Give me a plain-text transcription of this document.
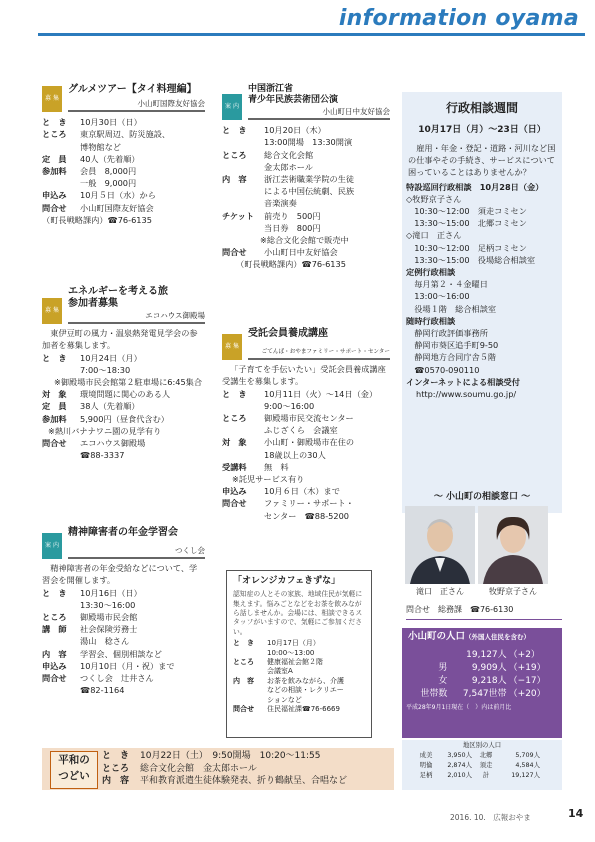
information oyama
募 集
グルメツアー【タイ料理編】
小山町国際友好協会
と　き	10月30日（日）
ところ	東京駅周辺、防災施設、
博物館など
定　員	40人（先着順）
参加料	会員　8,000円
一般　9,000円
申込み	10月５日（水）から
問合せ	小山町国際友好協会
（町長戦略課内）☎76-6135
募 集
エネルギーを考える旅
参加者募集
エコハウス御殿場
東伊豆町の風力・温泉熱発電見学会の参加者を募集します。
と　き	10月24日（月）
7:00～18:30
※御殿場市民会館第２駐車場に6:45集合
対　象	環境問題に関心のある人
定　員	38人（先着順）
参加料	5,900円（昼食代含む）
※熱川バナナワニ園の見学有り
問合せ	エコハウス御殿場
☎88-3337
案 内
精神障害者の年金学習会
つくし会
精神障害者の年金受給などについて、学習会を開催します。
と　き	10月16日（日）
13:30～16:00
ところ	御殿場市民会館
講　師	社会保険労務士
湯山　稔さん
内　容	学習会、個別相談など
申込み	10月10日（月・祝）まで
問合せ	つくし会　辻井さん
☎82-1164
案 内
中国浙江省
青少年民族芸術団公演
小山町日中友好協会
と　き	10月20日（木）
13:00開場　13:30開演
ところ	総合文化会館
金太郎ホール
内　容	浙江芸術職業学院の生徒
による中国伝統劇、民族
音楽演奏
チケット	前売り　500円
当日券　800円
※総合文化会館で販売中
問合せ	小山町日中友好協会
（町長戦略課内）☎76-6135
募 集
受託会員養成講座
ごてんば・おやまファミリー・サポート・センター
「子育てを手伝いたい」受託会員養成講座受講生を募集します。
と　き	10月11日（火）～14日（金）
9:00～16:00
ところ	御殿場市民交流センター
ふじざくら　会議室
対　象	小山町・御殿場市在住の
18歳以上の30人
受講料	無　料
※託児サービス有り
申込み	10月６日（木）まで
問合せ	ファミリー・サポート・
センター　☎88-5200
「オレンジカフェきずな」
認知症の人とその家族、地域住民が気軽に集えます。悩みごとなどをお茶を飲みながら話しませんか。会場には、相談できるスタッフがいますので、気軽にご参加ください。
と　き	10月17日（月）
10:00～13:00
ところ	健康福祉会館２階
会議室A
内　容	お茶を飲みながら、介護
などの相談・レクリエー
ションなど
問合せ	住民福祉課☎76-6669
行政相談週間
10月17日（月）～23日（日）
雇用・年金・登記・道路・河川など国の仕事やその手続き、サービスについて困っていることはありませんか？
特設巡回行政相談　10月28日（金）
◇牧野京子さん
　10:30～12:00　須走コミセン
　13:30～15:00　北郷コミセン
◇滝口　正さん
　10:30～12:00　足柄コミセン
　13:30～15:00　役場総合相談室
定例行政相談
　毎月第２・４金曜日
　13:00～16:00
　役場１階　総合相談室
随時行政相談
　静岡行政評価事務所
　静岡市葵区追手町9-50
　静岡地方合同庁舎５階
　☎0570-090110
インターネットによる相談受付
http://www.soumu.go.jp/
～ 小山町の相談窓口 ～
滝口　正さん	牧野京子さん
問合せ　総務課　☎76-6130
小山町の人口（外国人住民を含む）
19,127人 （+2）
男	9,909人 （+19）
女	9,218人 （−17）
世帯数	7,547世帯 （+20）
平成28年9月1日現在（　）内は前月比
地区別の人口
成美	3,950人	北郷	5,709人
明倫	2,874人	須走	4,584人
足柄	2,010人	計	19,127人
平和の
つどい
と　き	10月22日（土）　9:50開場　10:20～11:55
ところ	総合文化会館　金太郎ホール
内　容	平和教育派遣生徒体験発表、折り鶴献呈、合唱など
2016. 10.　広報おやま	14
